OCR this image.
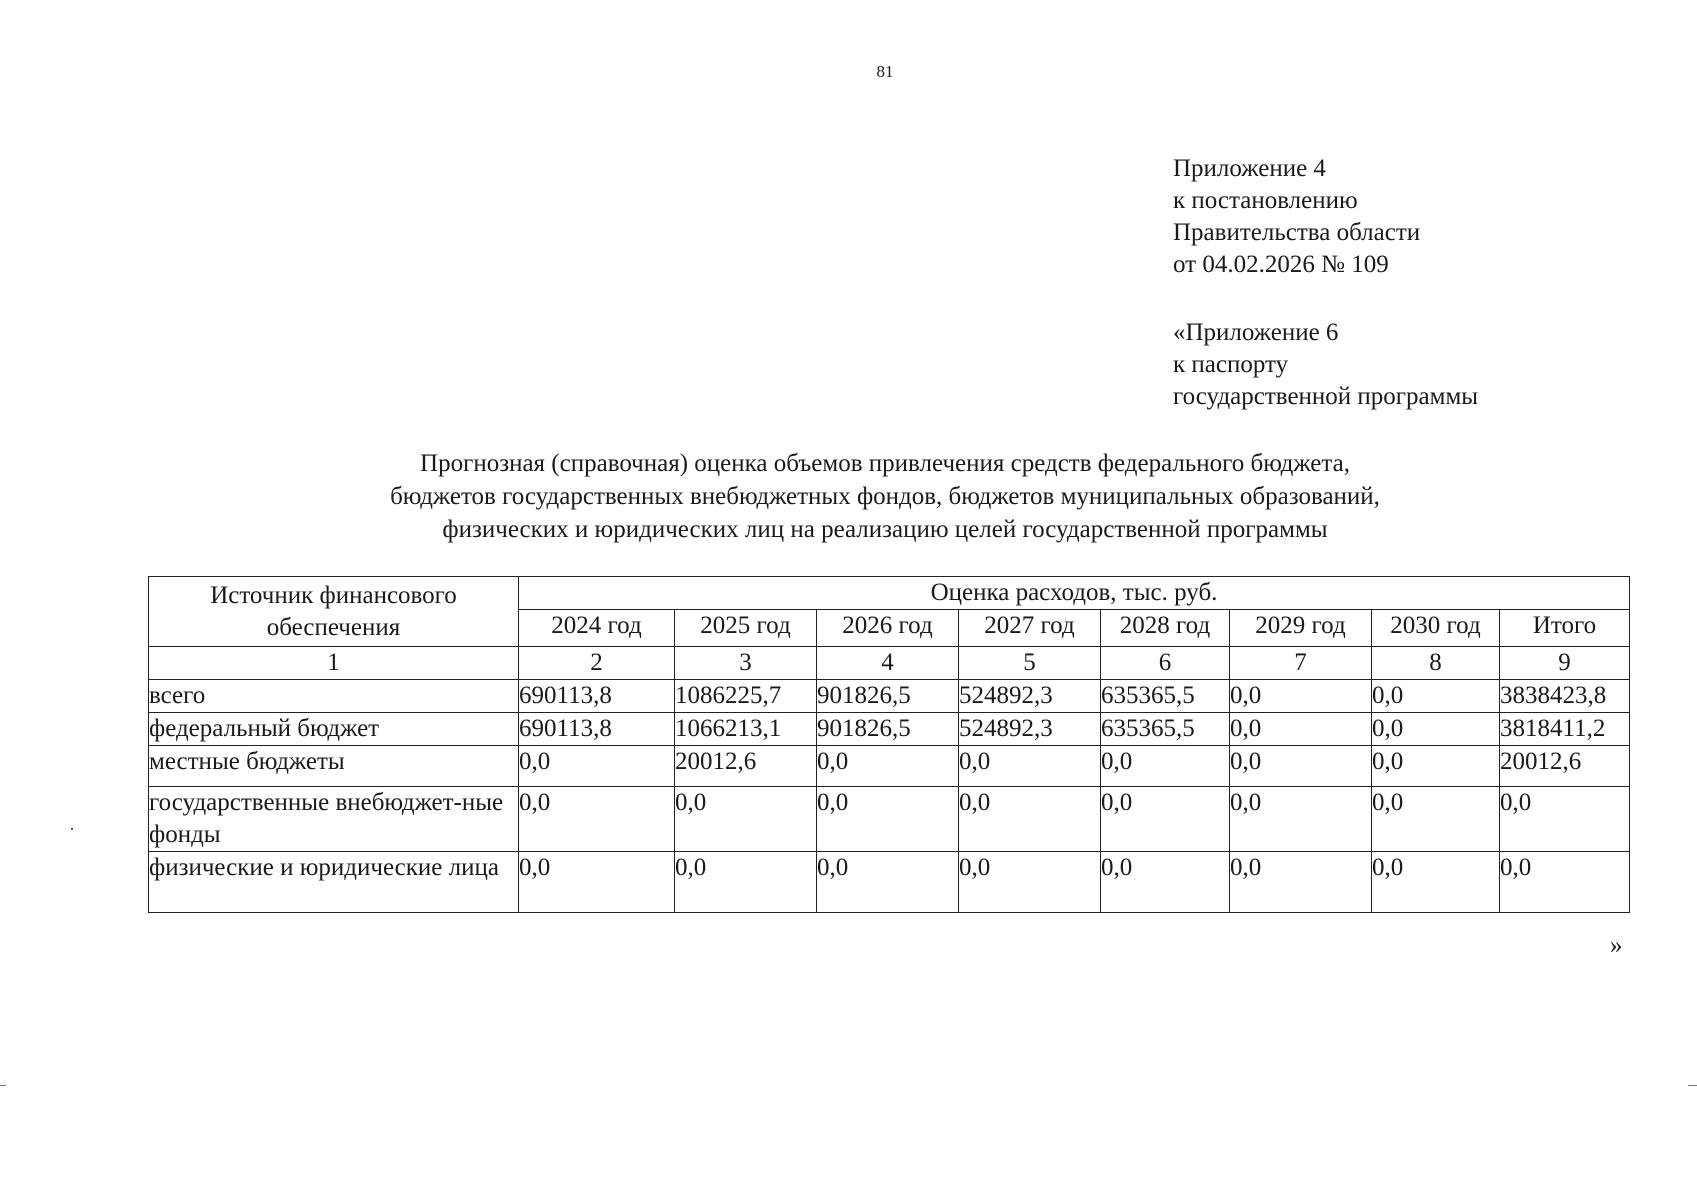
81
Приложение 4
к постановлению
Правительства области
от 04.02.2026 № 109
«Приложение 6
к паспорту
государственной программы
Прогнозная (справочная) оценка объемов привлечения средств федерального бюджета,
бюджетов государственных внебюджетных фондов, бюджетов муниципальных образований,
физических и юридических лиц на реализацию целей государственной программы
Источник финансового обеспечения	Оценка расходов, тыс. руб.							
	2024 год	2025 год	2026 год	2027 год	2028 год	2029 год	2030 год	Итого
1	2	3	4	5	6	7	8	9
всего	690113,8	1086225,7	901826,5	524892,3	635365,5	0,0	0,0	3838423,8
федеральный бюджет	690113,8	1066213,1	901826,5	524892,3	635365,5	0,0	0,0	3818411,2
местные бюджеты	0,0	20012,6	0,0	0,0	0,0	0,0	0,0	20012,6
государственные внебюджет-ные фонды	0,0	0,0	0,0	0,0	0,0	0,0	0,0	0,0
физические и юридические лица	0,0	0,0	0,0	0,0	0,0	0,0	0,0	0,0
»
